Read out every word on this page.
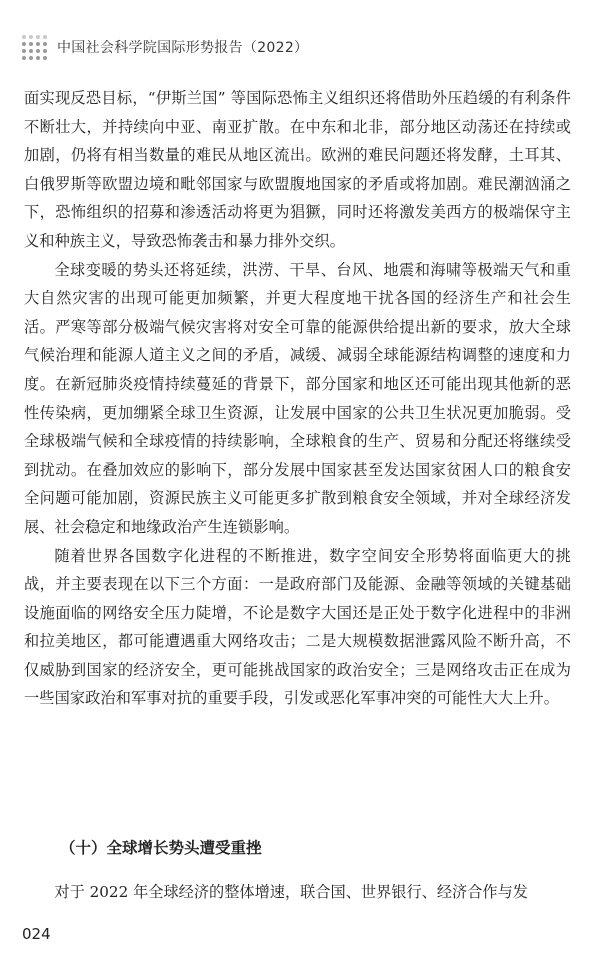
中国社会科学院国际形势报告（2022）

面实现反恐目标，“伊斯兰国” 等国际恐怖主义组织还将借助外压趋缓的有利条件不断壮大，并持续向中亚、南亚扩散。在中东和北非，部分地区动荡还在持续或加剧，仍将有相当数量的难民从地区流出。欧洲的难民问题还将发酵，土耳其、白俄罗斯等欧盟边境和毗邻国家与欧盟腹地国家的矛盾或将加剧。难民潮汹涌之下，恐怖组织的招募和渗透活动将更为猖獗，同时还将激发美西方的极端保守主义和种族主义，导致恐怖袭击和暴力排外交织。

全球变暖的势头还将延续，洪涝、干旱、台风、地震和海啸等极端天气和重大自然灾害的出现可能更加频繁，并更大程度地干扰各国的经济生产和社会生活。严寒等部分极端气候灾害将对安全可靠的能源供给提出新的要求，放大全球气候治理和能源人道主义之间的矛盾，减缓、减弱全球能源结构调整的速度和力度。在新冠肺炎疫情持续蔓延的背景下，部分国家和地区还可能出现其他新的恶性传染病，更加绷紧全球卫生资源，让发展中国家的公共卫生状况更加脆弱。受全球极端气候和全球疫情的持续影响，全球粮食的生产、贸易和分配还将继续受到扰动。在叠加效应的影响下，部分发展中国家甚至发达国家贫困人口的粮食安全问题可能加剧，资源民族主义可能更多扩散到粮食安全领域，并对全球经济发展、社会稳定和地缘政治产生连锁影响。

随着世界各国数字化进程的不断推进，数字空间安全形势将面临更大的挑战，并主要表现在以下三个方面：一是政府部门及能源、金融等领域的关键基础设施面临的网络安全压力陡增，不论是数字大国还是正处于数字化进程中的非洲和拉美地区，都可能遭遇重大网络攻击；二是大规模数据泄露风险不断升高，不仅威胁到国家的经济安全，更可能挑战国家的政治安全；三是网络攻击正在成为一些国家政治和军事对抗的重要手段，引发或恶化军事冲突的可能性大大上升。

（十）全球增长势头遭受重挫

对于 2022 年全球经济的整体增速，联合国、世界银行、经济合作与发

024
